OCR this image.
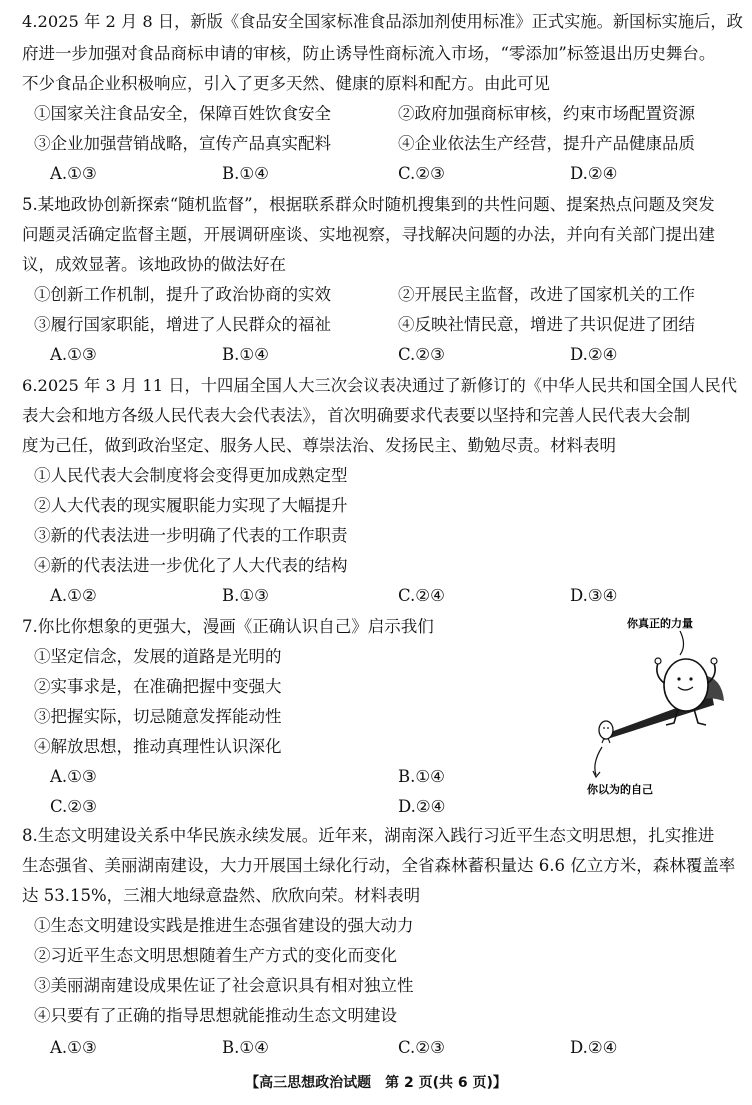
4.2025 年 2 月 8 日，新版《食品安全国家标准食品添加剂使用标准》正式实施。新国标实施后，政
府进一步加强对食品商标申请的审核，防止诱导性商标流入市场，“零添加”标签退出历史舞台。
不少食品企业积极响应，引入了更多天然、健康的原料和配方。由此可见
①国家关注食品安全，保障百姓饮食安全	②政府加强商标审核，约束市场配置资源
③企业加强营销战略，宣传产品真实配料	④企业依法生产经营，提升产品健康品质
A.①③	B.①④	C.②③	D.②④
5.某地政协创新探索“随机监督”，根据联系群众时随机搜集到的共性问题、提案热点问题及突发
问题灵活确定监督主题，开展调研座谈、实地视察，寻找解决问题的办法，并向有关部门提出建
议，成效显著。该地政协的做法好在
①创新工作机制，提升了政治协商的实效	②开展民主监督，改进了国家机关的工作
③履行国家职能，增进了人民群众的福祉	④反映社情民意，增进了共识促进了团结
A.①③	B.①④	C.②③	D.②④
6.2025 年 3 月 11 日，十四届全国人大三次会议表决通过了新修订的《中华人民共和国全国人民代
表大会和地方各级人民代表大会代表法》，首次明确要求代表要以坚持和完善人民代表大会制
度为己任，做到政治坚定、服务人民、尊崇法治、发扬民主、勤勉尽责。材料表明
①人民代表大会制度将会变得更加成熟定型
②人大代表的现实履职能力实现了大幅提升
③新的代表法进一步明确了代表的工作职责
④新的代表法进一步优化了人大代表的结构
A.①②	B.①③	C.②④	D.③④
7.你比你想象的更强大，漫画《正确认识自己》启示我们
①坚定信念，发展的道路是光明的
②实事求是，在准确把握中变强大
③把握实际，切忌随意发挥能动性
④解放思想，推动真理性认识深化
A.①③	B.①④
C.②③	D.②④
你真正的力量
你以为的自己
8.生态文明建设关系中华民族永续发展。近年来，湖南深入践行习近平生态文明思想，扎实推进
生态强省、美丽湖南建设，大力开展国土绿化行动，全省森林蓄积量达 6.6 亿立方米，森林覆盖率
达 53.15%，三湘大地绿意盎然、欣欣向荣。材料表明
①生态文明建设实践是推进生态强省建设的强大动力
②习近平生态文明思想随着生产方式的变化而变化
③美丽湖南建设成果佐证了社会意识具有相对独立性
④只要有了正确的指导思想就能推动生态文明建设
A.①③	B.①④	C.②③	D.②④
【高三思想政治试题　第 2 页(共 6 页)】
